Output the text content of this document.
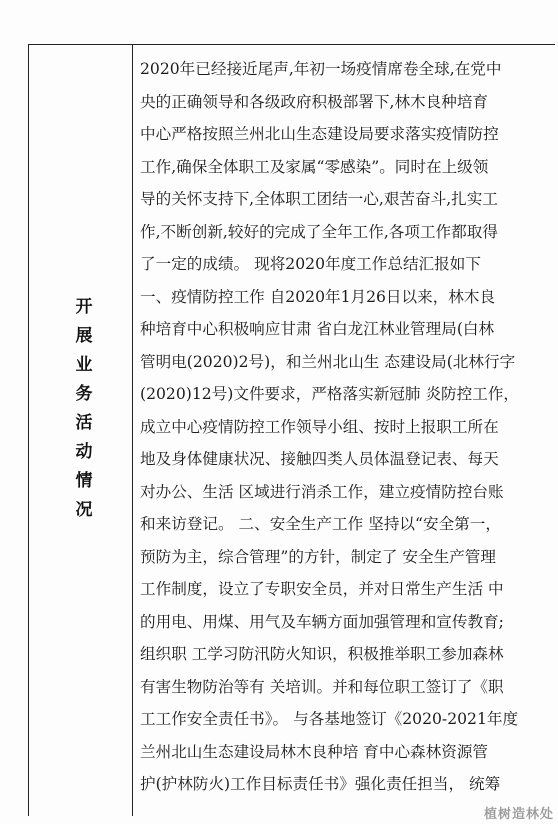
开展业务活动情况
2020年已经接近尾声,年初一场疫情席卷全球,在党中
央的正确领导和各级政府积极部署下,林木良种培育
中心严格按照兰州北山生态建设局要求落实疫情防控
工作,确保全体职工及家属“零感染”。同时在上级领
导的关怀支持下,全体职工团结一心,艰苦奋斗,扎实工
作,不断创新,较好的完成了全年工作,各项工作都取得
了一定的成绩。 现将2020年度工作总结汇报如下
一、疫情防控工作 自2020年1月26日以来，林木良
种培育中心积极响应甘肃 省白龙江林业管理局(白林
管明电(2020)2号)，和兰州北山生 态建设局(北林行字
(2020)12号)文件要求，严格落实新冠肺 炎防控工作，
成立中心疫情防控工作领导小组、按时上报职工所在
地及身体健康状况、接触四类人员体温登记表、每天
对办公、生活 区域进行消杀工作，建立疫情防控台账
和来访登记。 二、安全生产工作 坚持以“安全第一，
预防为主，综合管理”的方针，制定了 安全生产管理
工作制度，设立了专职安全员，并对日常生产生活 中
的用电、用煤、用气及车辆方面加强管理和宣传教育;
组织职 工学习防汛防火知识，积极推举职工参加森林
有害生物防治等有 关培训。并和每位职工签订了《职
工工作安全责任书》。 与各基地签订《2020-2021年度
兰州北山生态建设局林木良种培 育中心森林资源管
护(护林防火)工作目标责任书》强化责任担当， 统筹
植树造林处
